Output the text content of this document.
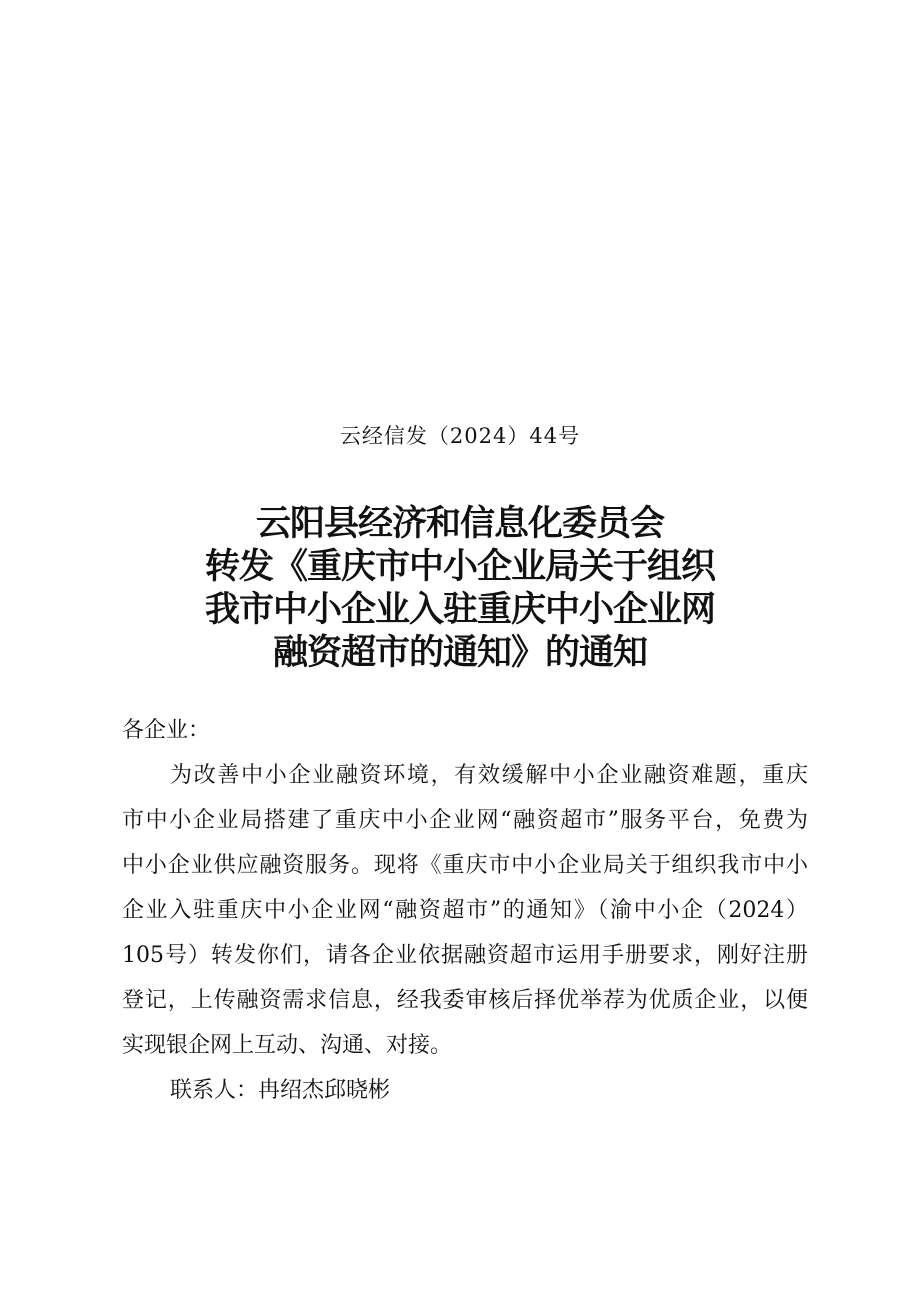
云经信发（2024）44号
云阳县经济和信息化委员会
转发《重庆市中小企业局关于组织
我市中小企业入驻重庆中小企业网
融资超市的通知》的通知

各企业：

为改善中小企业融资环境，有效缓解中小企业融资难题，重庆
市中小企业局搭建了重庆中小企业网“融资超市”服务平台，免费为
中小企业供应融资服务。现将《重庆市中小企业局关于组织我市中小
企业入驻重庆中小企业网“融资超市”的通知》（渝中小企（2024）
105号）转发你们，请各企业依据融资超市运用手册要求，刚好注册
登记，上传融资需求信息，经我委审核后择优举荐为优质企业，以便
实现银企网上互动、沟通、对接。

联系人：冉绍杰邱晓彬
